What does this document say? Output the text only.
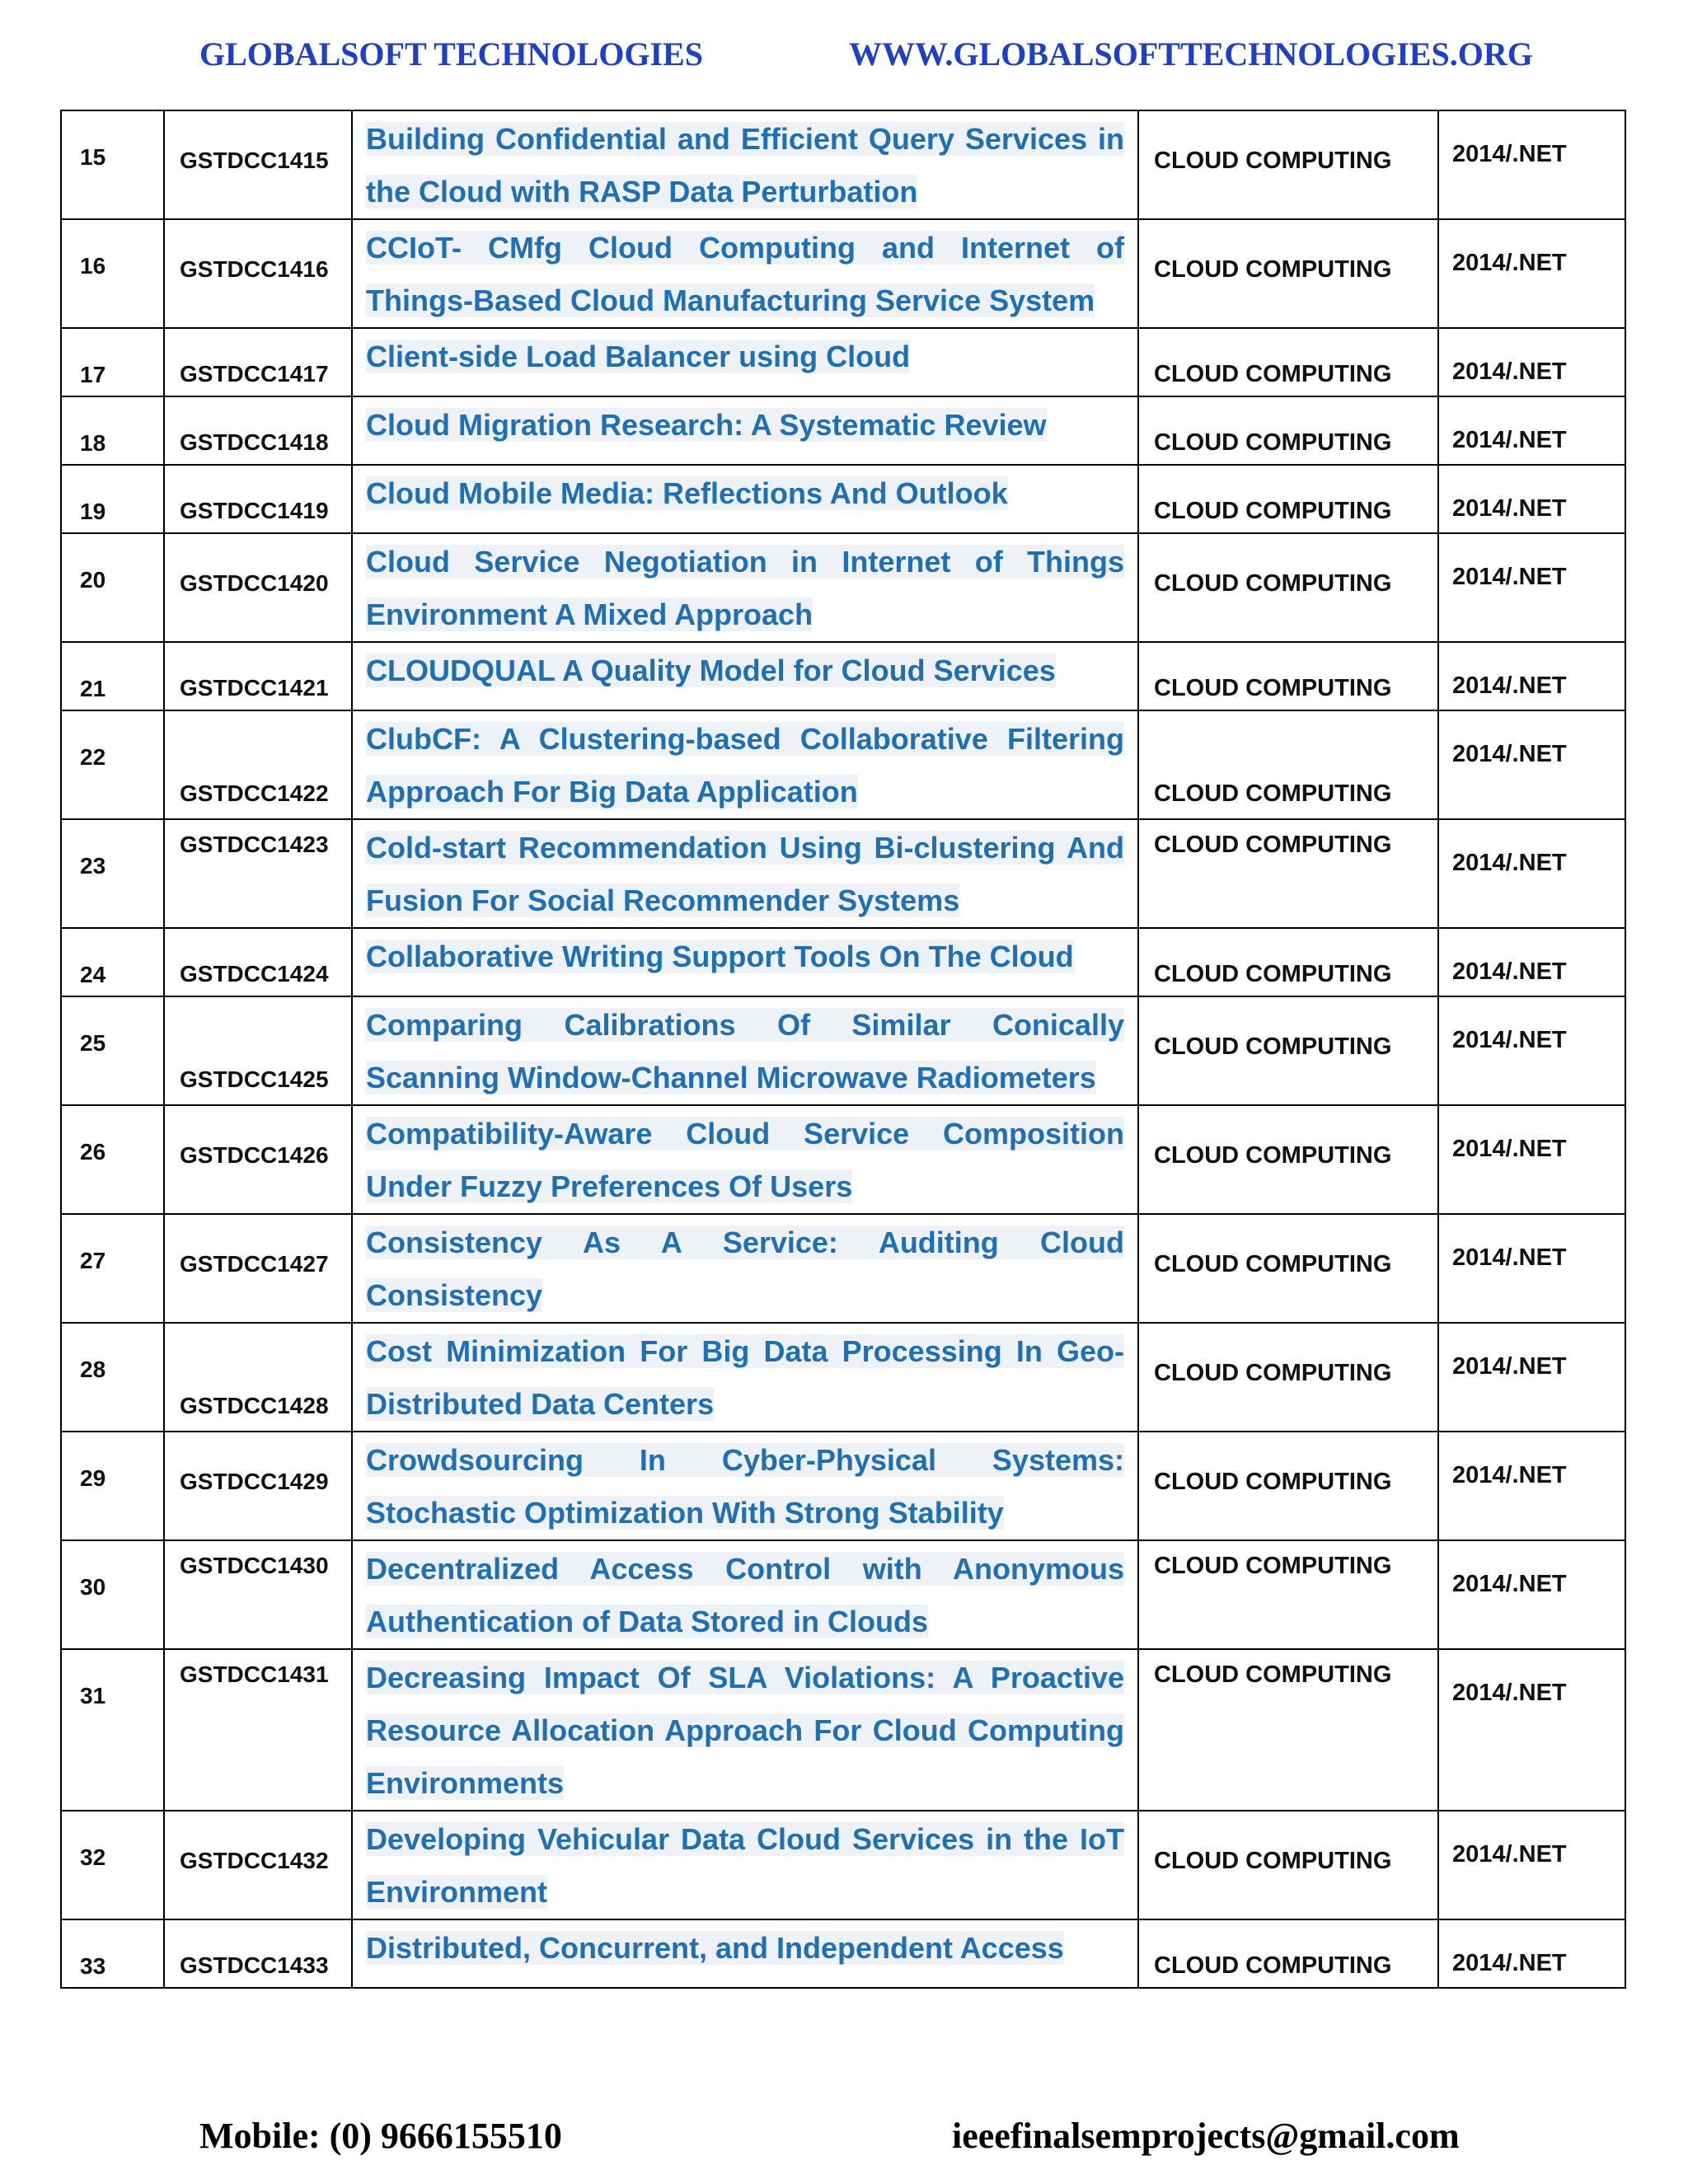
GLOBALSOFT TECHNOLOGIES	WWW.GLOBALSOFTTECHNOLOGIES.ORG
15	GSTDCC1415	Building Confidential and Efficient Query Services in the Cloud with RASP Data Perturbation	CLOUD COMPUTING	2014/.NET
16	GSTDCC1416	CCIoT- CMfg Cloud Computing and Internet of Things-Based Cloud Manufacturing Service System	CLOUD COMPUTING	2014/.NET
17	GSTDCC1417	Client-side Load Balancer using Cloud	CLOUD COMPUTING	2014/.NET
18	GSTDCC1418	Cloud Migration Research: A Systematic Review	CLOUD COMPUTING	2014/.NET
19	GSTDCC1419	Cloud Mobile Media: Reflections And Outlook	CLOUD COMPUTING	2014/.NET
20	GSTDCC1420	Cloud Service Negotiation in Internet of Things Environment A Mixed Approach	CLOUD COMPUTING	2014/.NET
21	GSTDCC1421	CLOUDQUAL A Quality Model for Cloud Services	CLOUD COMPUTING	2014/.NET
22	GSTDCC1422	ClubCF: A Clustering-based Collaborative Filtering Approach For Big Data Application	CLOUD COMPUTING	2014/.NET
23	GSTDCC1423	Cold-start Recommendation Using Bi-clustering And Fusion For Social Recommender Systems	CLOUD COMPUTING	2014/.NET
24	GSTDCC1424	Collaborative Writing Support Tools On The Cloud	CLOUD COMPUTING	2014/.NET
25	GSTDCC1425	Comparing Calibrations Of Similar Conically Scanning Window-Channel Microwave Radiometers	CLOUD COMPUTING	2014/.NET
26	GSTDCC1426	Compatibility-Aware Cloud Service Composition Under Fuzzy Preferences Of Users	CLOUD COMPUTING	2014/.NET
27	GSTDCC1427	Consistency As A Service: Auditing Cloud Consistency	CLOUD COMPUTING	2014/.NET
28	GSTDCC1428	Cost Minimization For Big Data Processing In Geo-Distributed Data Centers	CLOUD COMPUTING	2014/.NET
29	GSTDCC1429	Crowdsourcing In Cyber-Physical Systems: Stochastic Optimization With Strong Stability	CLOUD COMPUTING	2014/.NET
30	GSTDCC1430	Decentralized Access Control with Anonymous Authentication of Data Stored in Clouds	CLOUD COMPUTING	2014/.NET
31	GSTDCC1431	Decreasing Impact Of SLA Violations: A Proactive Resource Allocation Approach For Cloud Computing Environments	CLOUD COMPUTING	2014/.NET
32	GSTDCC1432	Developing Vehicular Data Cloud Services in the IoT Environment	CLOUD COMPUTING	2014/.NET
33	GSTDCC1433	Distributed, Concurrent, and Independent Access	CLOUD COMPUTING	2014/.NET
Mobile: (0) 9666155510	ieeefinalsemprojects@gmail.com
